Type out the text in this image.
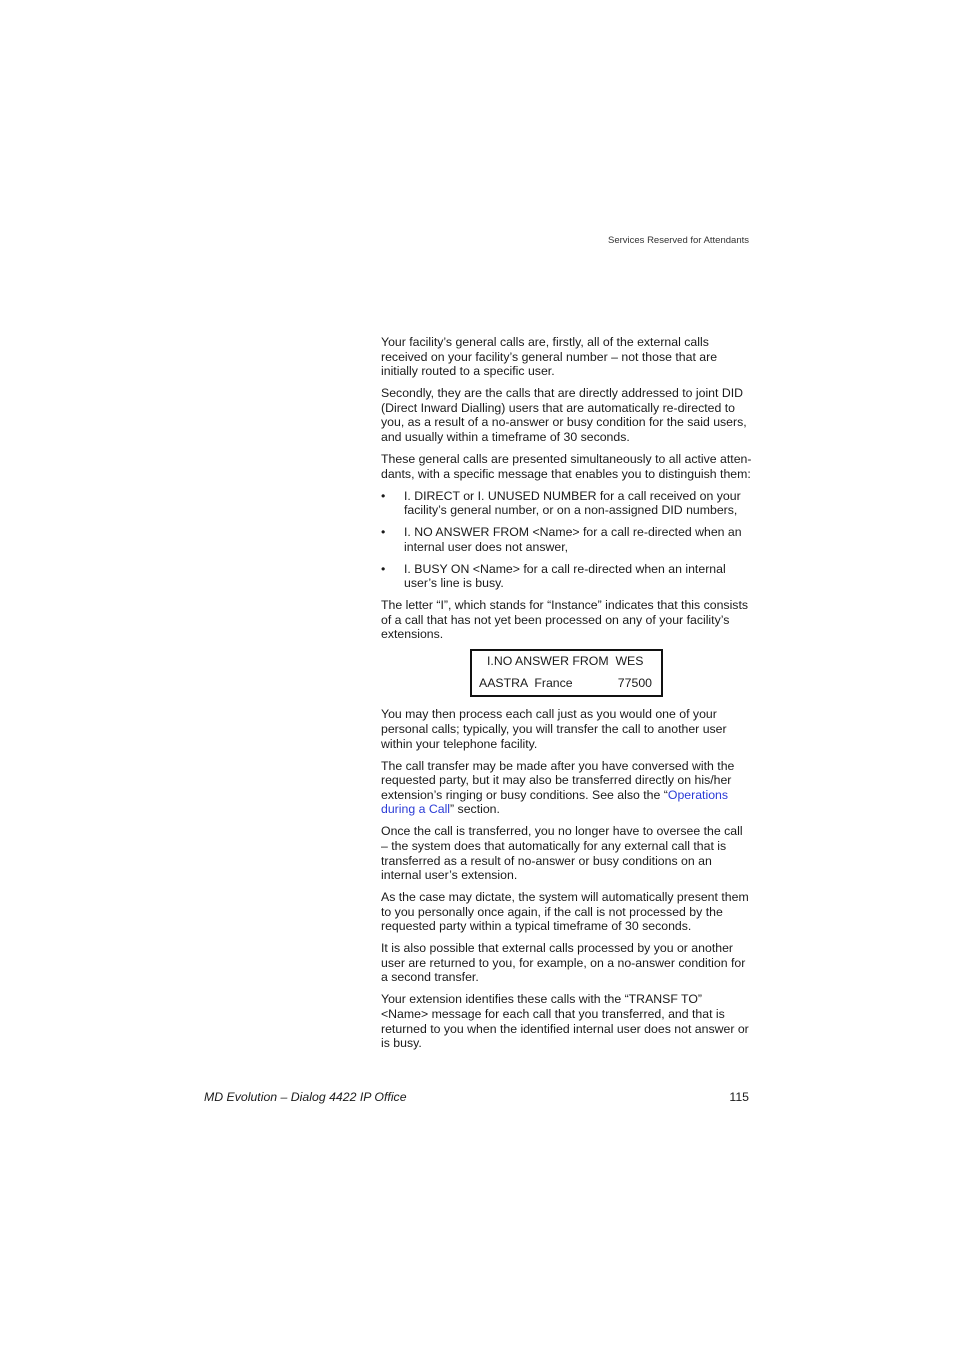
Services Reserved for Attendants

Your facility’s general calls are, firstly, all of the external calls received on your facility’s general number – not those that are initially routed to a specific user.

Secondly, they are the calls that are directly addressed to joint DID (Direct Inward Dialling) users that are automatically re-directed to you, as a result of a no-answer or busy condition for the said users, and usually within a timeframe of 30 seconds.

These general calls are presented simultaneously to all active atten-dants, with a specific message that enables you to distinguish them:

• I. DIRECT or I. UNUSED NUMBER for a call received on your facility’s general number, or on a non-assigned DID numbers,
• I. NO ANSWER FROM <Name> for a call re-directed when an internal user does not answer,
• I. BUSY ON <Name> for a call re-directed when an internal user’s line is busy.

The letter “I”, which stands for “Instance” indicates that this consists of a call that has not yet been processed on any of your facility’s extensions.

I.NO ANSWER FROM  WES
AASTRA  France	77500

You may then process each call just as you would one of your personal calls; typically, you will transfer the call to another user within your telephone facility.

The call transfer may be made after you have conversed with the requested party, but it may also be transferred directly on his/her extension’s ringing or busy conditions. See also the “Operations during a Call” section.

Once the call is transferred, you no longer have to oversee the call – the system does that automatically for any external call that is transferred as a result of no-answer or busy conditions on an internal user’s extension.

As the case may dictate, the system will automatically present them to you personally once again, if the call is not processed by the requested party within a typical timeframe of 30 seconds.

It is also possible that external calls processed by you or another user are returned to you, for example, on a no-answer condition for a second transfer.

Your extension identifies these calls with the “TRANSF TO” <Name> message for each call that you transferred, and that is returned to you when the identified internal user does not answer or is busy.

MD Evolution – Dialog 4422 IP Office	115
